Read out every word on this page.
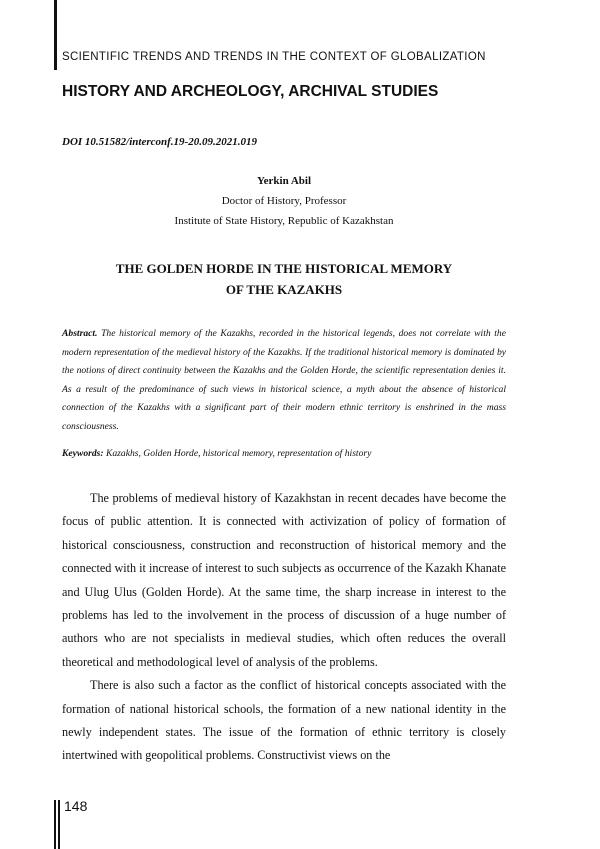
SCIENTIFIC TRENDS AND TRENDS IN THE CONTEXT OF GLOBALIZATION
HISTORY AND ARCHEOLOGY, ARCHIVAL STUDIES
DOI 10.51582/interconf.19-20.09.2021.019
Yerkin Abil
Doctor of History, Professor
Institute of State History, Republic of Kazakhstan
THE GOLDEN HORDE IN THE HISTORICAL MEMORY
OF THE KAZAKHS
Abstract. The historical memory of the Kazakhs, recorded in the historical legends, does not correlate with the modern representation of the medieval history of the Kazakhs. If the traditional historical memory is dominated by the notions of direct continuity between the Kazakhs and the Golden Horde, the scientific representation denies it. As a result of the predominance of such views in historical science, a myth about the absence of historical connection of the Kazakhs with a significant part of their modern ethnic territory is enshrined in the mass consciousness.
Keywords: Kazakhs, Golden Horde, historical memory, representation of history

The problems of medieval history of Kazakhstan in recent decades have become the focus of public attention. It is connected with activization of policy of formation of historical consciousness, construction and reconstruction of historical memory and the connected with it increase of interest to such subjects as occurrence of the Kazakh Khanate and Ulug Ulus (Golden Horde). At the same time, the sharp increase in interest to the problems has led to the involvement in the process of discussion of a huge number of authors who are not specialists in medieval studies, which often reduces the overall theoretical and methodological level of analysis of the problems.

There is also such a factor as the conflict of historical concepts associated with the formation of national historical schools, the formation of a new national identity in the newly independent states. The issue of the formation of ethnic territory is closely intertwined with geopolitical problems. Constructivist views on the

148
